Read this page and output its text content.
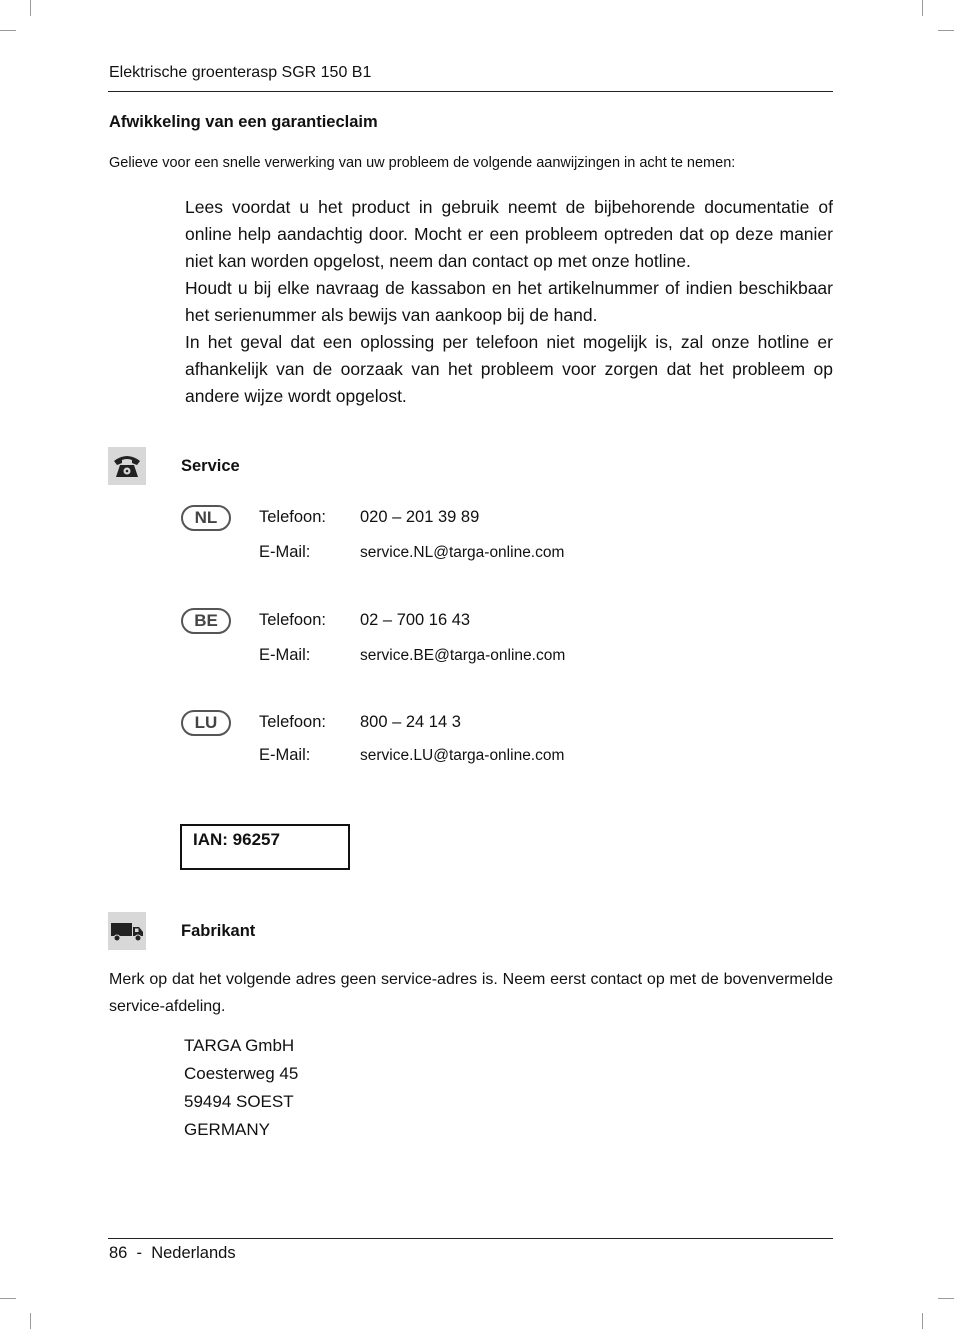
Elektrische groenterasp SGR 150 B1
Afwikkeling van een garantieclaim
Gelieve voor een snelle verwerking van uw probleem de volgende aanwijzingen in acht te nemen:
Lees voordat u het product in gebruik neemt de bijbehorende documentatie of online help aandachtig door. Mocht er een probleem optreden dat op deze manier niet kan worden opgelost, neem dan contact op met onze hotline.
Houdt u bij elke navraag de kassabon en het artikelnummer of indien beschikbaar het serienummer als bewijs van aankoop bij de hand.
In het geval dat een oplossing per telefoon niet mogelijk is, zal onze hotline er afhankelijk van de oorzaak van het probleem voor zorgen dat het probleem op andere wijze wordt opgelost.
Service
NL	Telefoon: 020 – 201 39 89
E-Mail:	service.NL@targa-online.com
BE	Telefoon: 02 – 700 16 43
E-Mail:	service.BE@targa-online.com
LU	Telefoon: 800 – 24 14 3
E-Mail:	service.LU@targa-online.com
IAN: 96257
Fabrikant
Merk op dat het volgende adres geen service-adres is. Neem eerst contact op met de bovenvermelde service-afdeling.
TARGA GmbH
Coesterweg 45
59494 SOEST
GERMANY
86 - Nederlands
